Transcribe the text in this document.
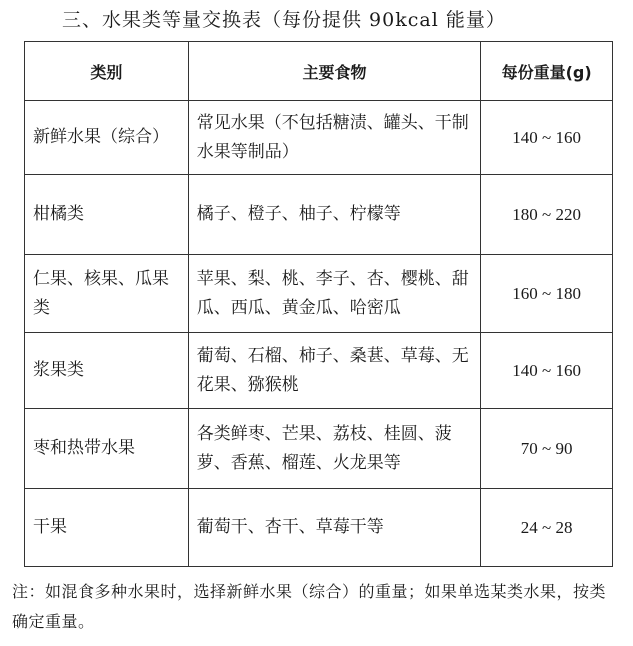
三、水果类等量交换表（每份提供 90kcal 能量）
类别	主要食物	每份重量(g)
新鲜水果（综合）	常见水果（不包括糖渍、罐头、干制水果等制品）	140 ~ 160
柑橘类	橘子、橙子、柚子、柠檬等	180 ~ 220
仁果、核果、瓜果类	苹果、梨、桃、李子、杏、樱桃、甜瓜、西瓜、黄金瓜、哈密瓜	160 ~ 180
浆果类	葡萄、石榴、柿子、桑葚、草莓、无花果、猕猴桃	140 ~ 160
枣和热带水果	各类鲜枣、芒果、荔枝、桂圆、菠萝、香蕉、榴莲、火龙果等	70 ~ 90
干果	葡萄干、杏干、草莓干等	24 ~ 28
注：如混食多种水果时，选择新鲜水果（综合）的重量；如果单选某类水果，按类确定重量。
